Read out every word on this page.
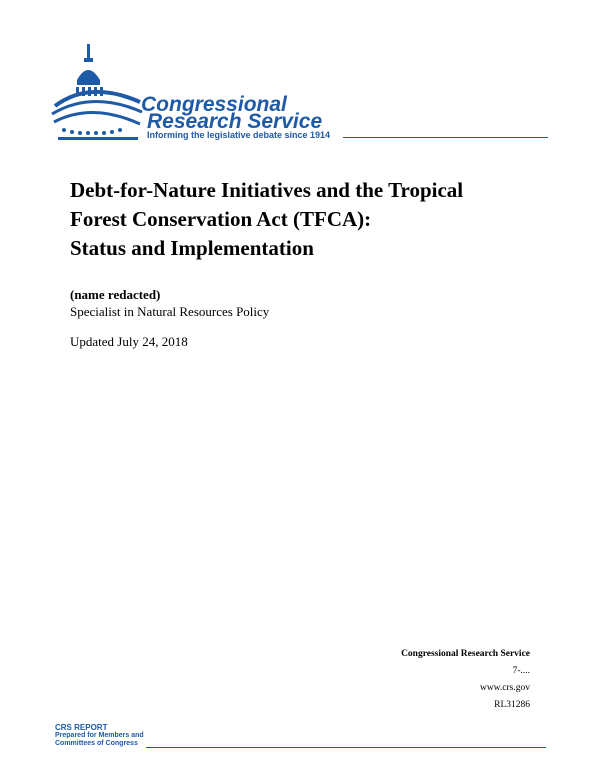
Congressional
Research Service
Informing the legislative debate since 1914
Debt-for-Nature Initiatives and the Tropical
Forest Conservation Act (TFCA):
Status and Implementation
(name redacted)
Specialist in Natural Resources Policy
Updated July 24, 2018
Congressional Research Service
7-....
www.crs.gov
RL31286
CRS REPORT
Prepared for Members and
Committees of Congress
